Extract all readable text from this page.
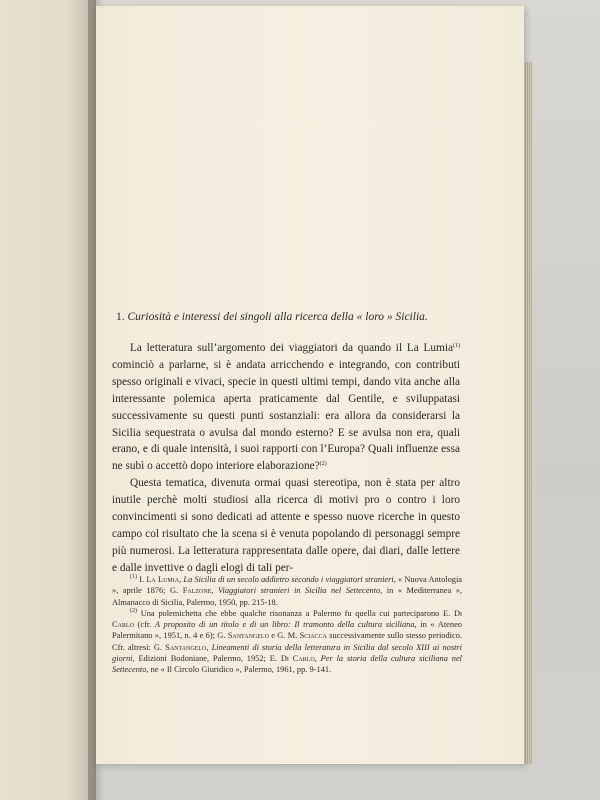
1. Curiosità e interessi dei singoli alla ricerca della « loro » Sicilia.

La letteratura sull’argomento dei viaggiatori da quando il La Lumia$^{(1)}$ cominciò a parlarne, si è andata arricchendo e integrando, con contributi spesso originali e vivaci, specie in questi ultimi tempi, dando vita anche alla interessante polemica aperta praticamente dal Gentile, e sviluppatasi successivamente su questi punti sostanziali: era allora da considerarsi la Sicilia sequestrata o avulsa dal mondo esterno? E se avulsa non era, quali erano, e di quale intensità, i suoi rapporti con l’Europa? Quali influenze essa ne subì o accettò dopo interiore elaborazione?$^{(2)}$

Questa tematica, divenuta ormai quasi stereotipa, non è stata per altro inutile perchè molti studiosi alla ricerca di motivi pro o contro i loro convincimenti si sono dedicati ad attente e spesso nuove ricerche in questo campo col risultato che la scena si è venuta popolando di personaggi sempre più numerosi. La letteratura rappresentata dalle opere, dai diari, dalle lettere e dalle invettive o dagli elogi di tali per-

$^{(1)}$ I. La Lumia, La Sicilia di un secolo addietro secondo i viaggiatori stranieri, « Nuova Antologia », aprile 1876; G. Falzone, Viaggiatori stranieri in Sicilia nel Settecento, in « Mediterranea », Almanacco di Sicilia, Palermo, 1950, pp. 215-18.

$^{(2)}$ Una polemichetta che ebbe qualche risonanza a Palermo fu quella cui parteciparono E. Di Carlo (cfr. A proposito di un titolo e di un libro: Il tramonto della cultura siciliana, in « Ateneo Palermitano », 1951, n. 4 e 6); G. Santangelo e G. M. Sciacca successivamente sullo stesso periodico. Cfr. altresì: G. Santangelo, Lineamenti di storia della letteratura in Sicilia dal secolo XIII ai nostri giorni, Edizioni Bodoniane, Palermo, 1952; E. Di Carlo, Per la storia della cultura siciliana nel Settecento, ne « Il Circolo Giuridico », Palermo, 1961, pp. 9-141.
